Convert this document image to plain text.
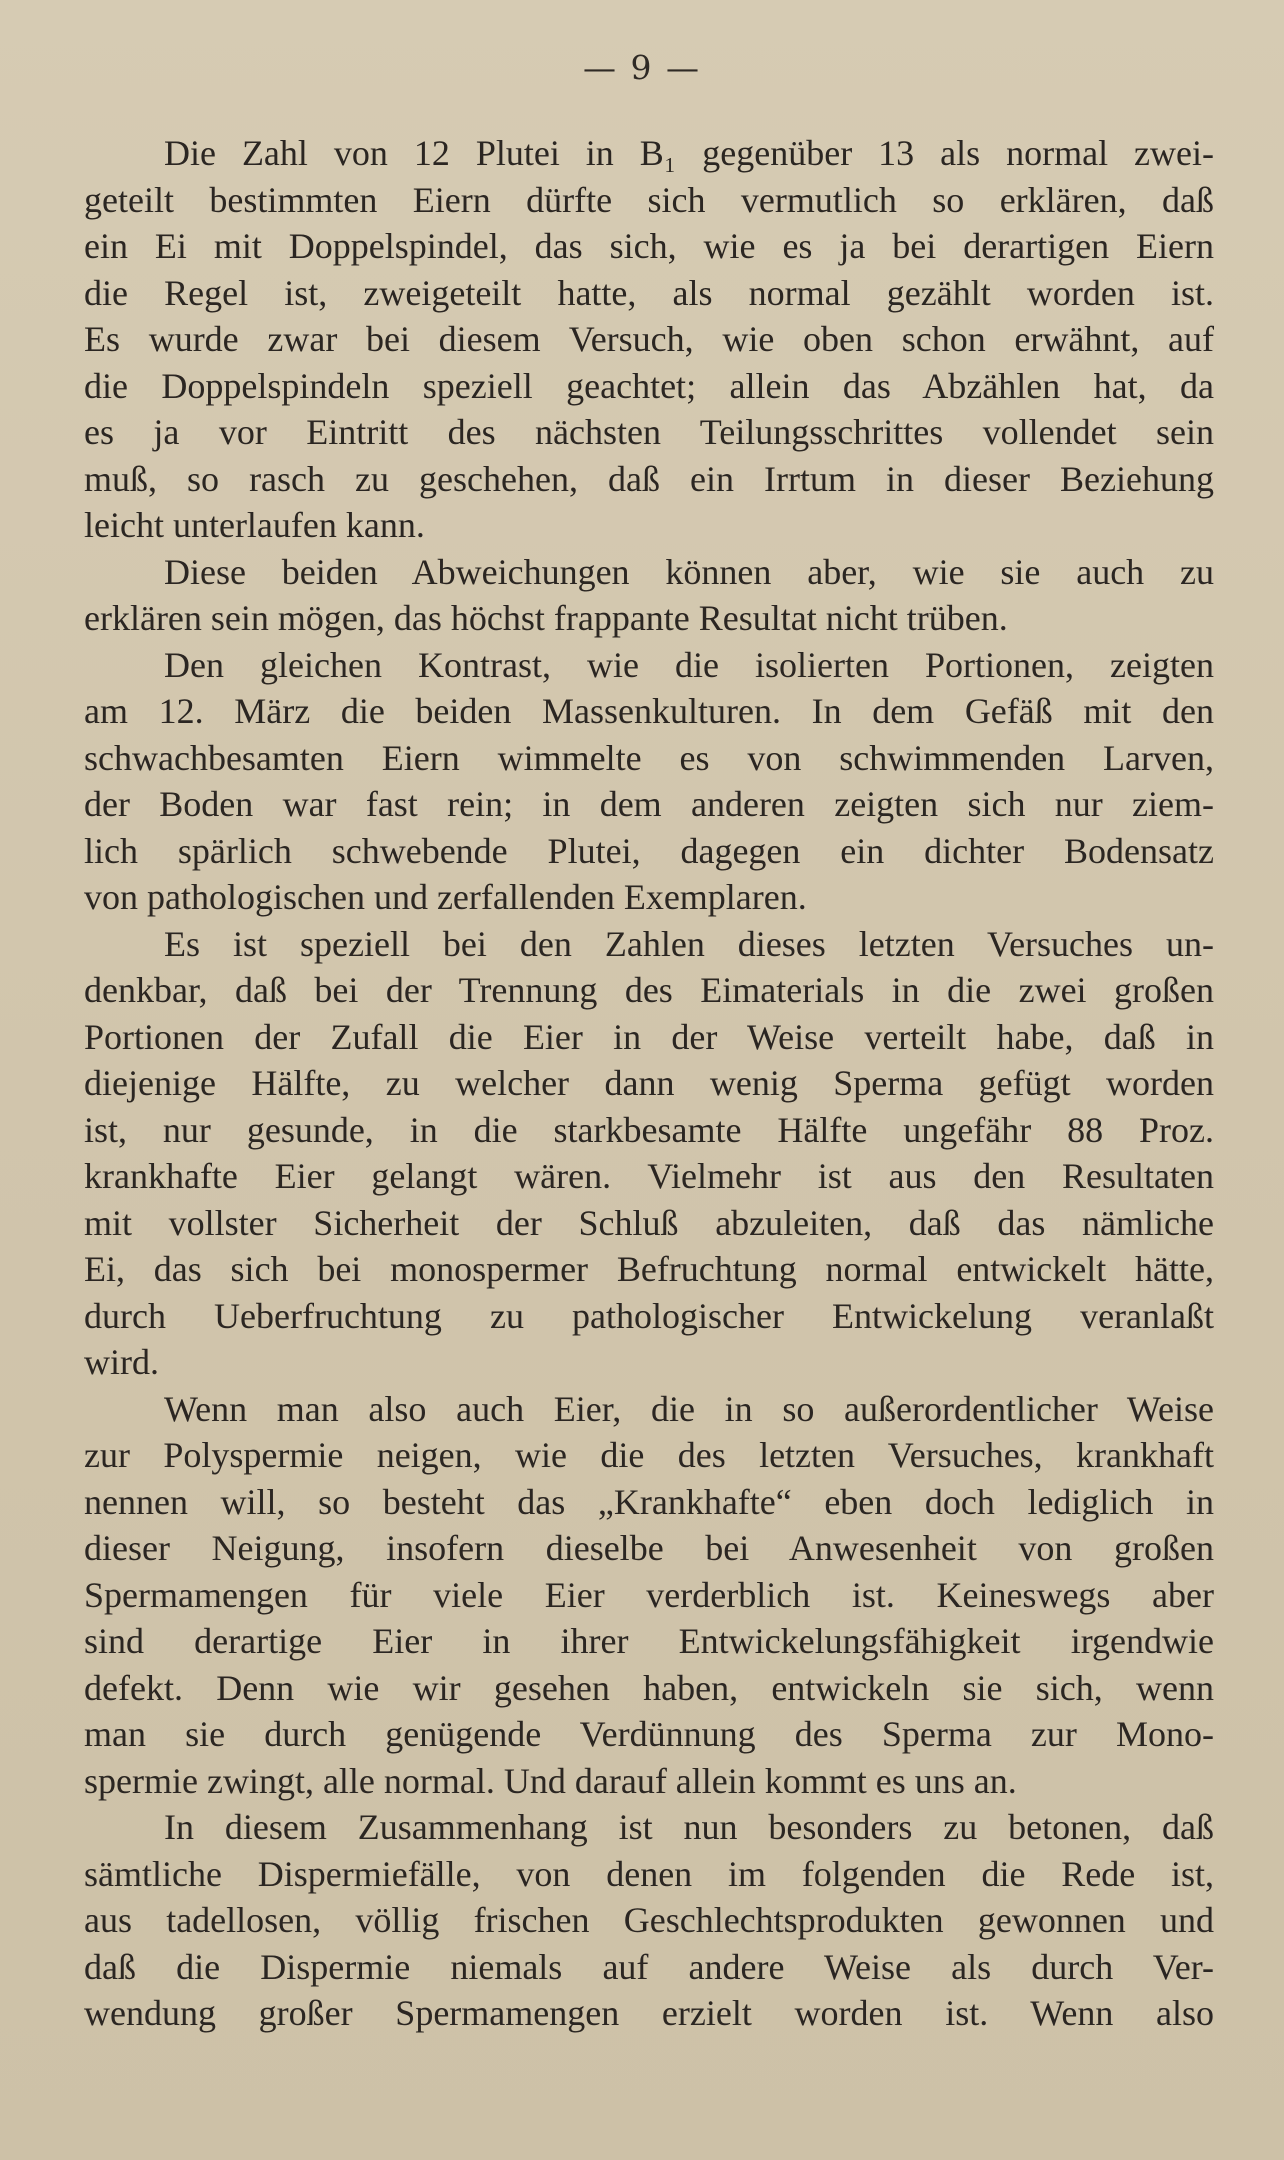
— 9 —
Die Zahl von 12 Plutei in B₁ gegenüber 13 als normal zwei-
geteilt bestimmten Eiern dürfte sich vermutlich so erklären, daß
ein Ei mit Doppelspindel, das sich, wie es ja bei derartigen Eiern
die Regel ist, zweigeteilt hatte, als normal gezählt worden ist.
Es wurde zwar bei diesem Versuch, wie oben schon erwähnt, auf
die Doppelspindeln speziell geachtet; allein das Abzählen hat, da
es ja vor Eintritt des nächsten Teilungsschrittes vollendet sein
muß, so rasch zu geschehen, daß ein Irrtum in dieser Beziehung
leicht unterlaufen kann.
Diese beiden Abweichungen können aber, wie sie auch zu
erklären sein mögen, das höchst frappante Resultat nicht trüben.
Den gleichen Kontrast, wie die isolierten Portionen, zeigten
am 12. März die beiden Massenkulturen. In dem Gefäß mit den
schwachbesamten Eiern wimmelte es von schwimmenden Larven,
der Boden war fast rein; in dem anderen zeigten sich nur ziem-
lich spärlich schwebende Plutei, dagegen ein dichter Bodensatz
von pathologischen und zerfallenden Exemplaren.
Es ist speziell bei den Zahlen dieses letzten Versuches un-
denkbar, daß bei der Trennung des Eimaterials in die zwei großen
Portionen der Zufall die Eier in der Weise verteilt habe, daß in
diejenige Hälfte, zu welcher dann wenig Sperma gefügt worden
ist, nur gesunde, in die starkbesamte Hälfte ungefähr 88 Proz.
krankhafte Eier gelangt wären. Vielmehr ist aus den Resultaten
mit vollster Sicherheit der Schluß abzuleiten, daß das nämliche
Ei, das sich bei monospermer Befruchtung normal entwickelt hätte,
durch Ueberfruchtung zu pathologischer Entwickelung veranlaßt
wird.
Wenn man also auch Eier, die in so außerordentlicher Weise
zur Polyspermie neigen, wie die des letzten Versuches, krankhaft
nennen will, so besteht das „Krankhafte“ eben doch lediglich in
dieser Neigung, insofern dieselbe bei Anwesenheit von großen
Spermamengen für viele Eier verderblich ist. Keineswegs aber
sind derartige Eier in ihrer Entwickelungsfähigkeit irgendwie
defekt. Denn wie wir gesehen haben, entwickeln sie sich, wenn
man sie durch genügende Verdünnung des Sperma zur Mono-
spermie zwingt, alle normal. Und darauf allein kommt es uns an.
In diesem Zusammenhang ist nun besonders zu betonen, daß
sämtliche Dispermiefälle, von denen im folgenden die Rede ist,
aus tadellosen, völlig frischen Geschlechtsprodukten gewonnen und
daß die Dispermie niemals auf andere Weise als durch Ver-
wendung großer Spermamengen erzielt worden ist. Wenn also
